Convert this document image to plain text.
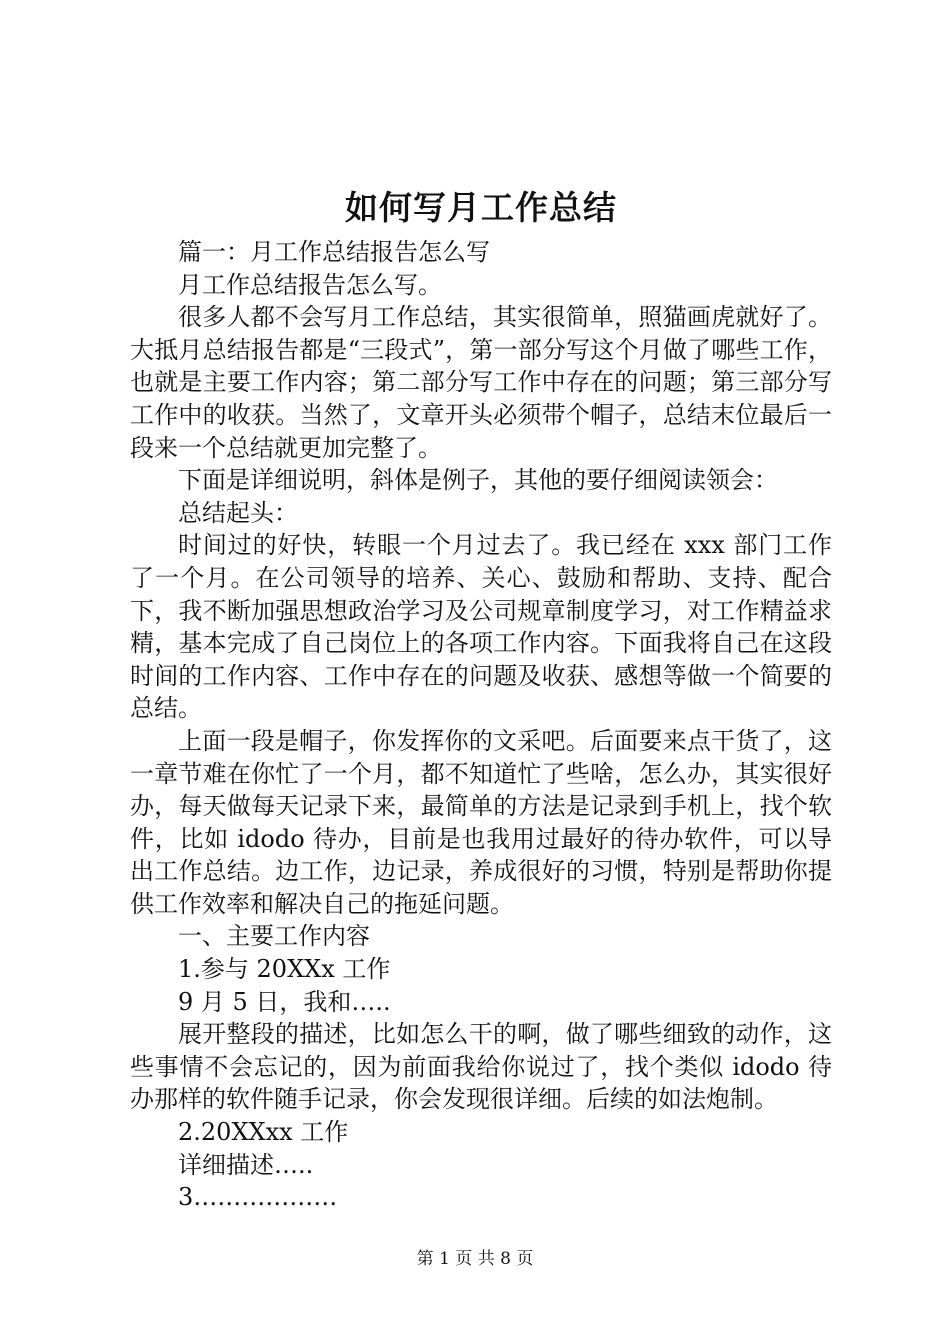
如何写月工作总结

篇一：月工作总结报告怎么写

月工作总结报告怎么写。

很多人都不会写月工作总结，其实很简单，照猫画虎就好了。大抵月总结报告都是“三段式”，第一部分写这个月做了哪些工作，也就是主要工作内容；第二部分写工作中存在的问题；第三部分写工作中的收获。当然了，文章开头必须带个帽子，总结末位最后一段来一个总结就更加完整了。

下面是详细说明，斜体是例子，其他的要仔细阅读领会：

总结起头：

时间过的好快，转眼一个月过去了。我已经在 xxx 部门工作了一个月。在公司领导的培养、关心、鼓励和帮助、支持、配合下，我不断加强思想政治学习及公司规章制度学习，对工作精益求精，基本完成了自己岗位上的各项工作内容。下面我将自己在这段时间的工作内容、工作中存在的问题及收获、感想等做一个简要的总结。

上面一段是帽子，你发挥你的文采吧。后面要来点干货了，这一章节难在你忙了一个月，都不知道忙了些啥，怎么办，其实很好办，每天做每天记录下来，最简单的方法是记录到手机上，找个软件，比如 idodo 待办，目前是也我用过最好的待办软件，可以导出工作总结。边工作，边记录，养成很好的习惯，特别是帮助你提供工作效率和解决自己的拖延问题。

一、主要工作内容

1.参与 20XXx 工作

9 月 5 日，我和…..

展开整段的描述，比如怎么干的啊，做了哪些细致的动作，这些事情不会忘记的，因为前面我给你说过了，找个类似 idodo 待办那样的软件随手记录，你会发现很详细。后续的如法炮制。

2.20XXxx 工作

详细描述…..

3………………

第 1 页 共 8 页
